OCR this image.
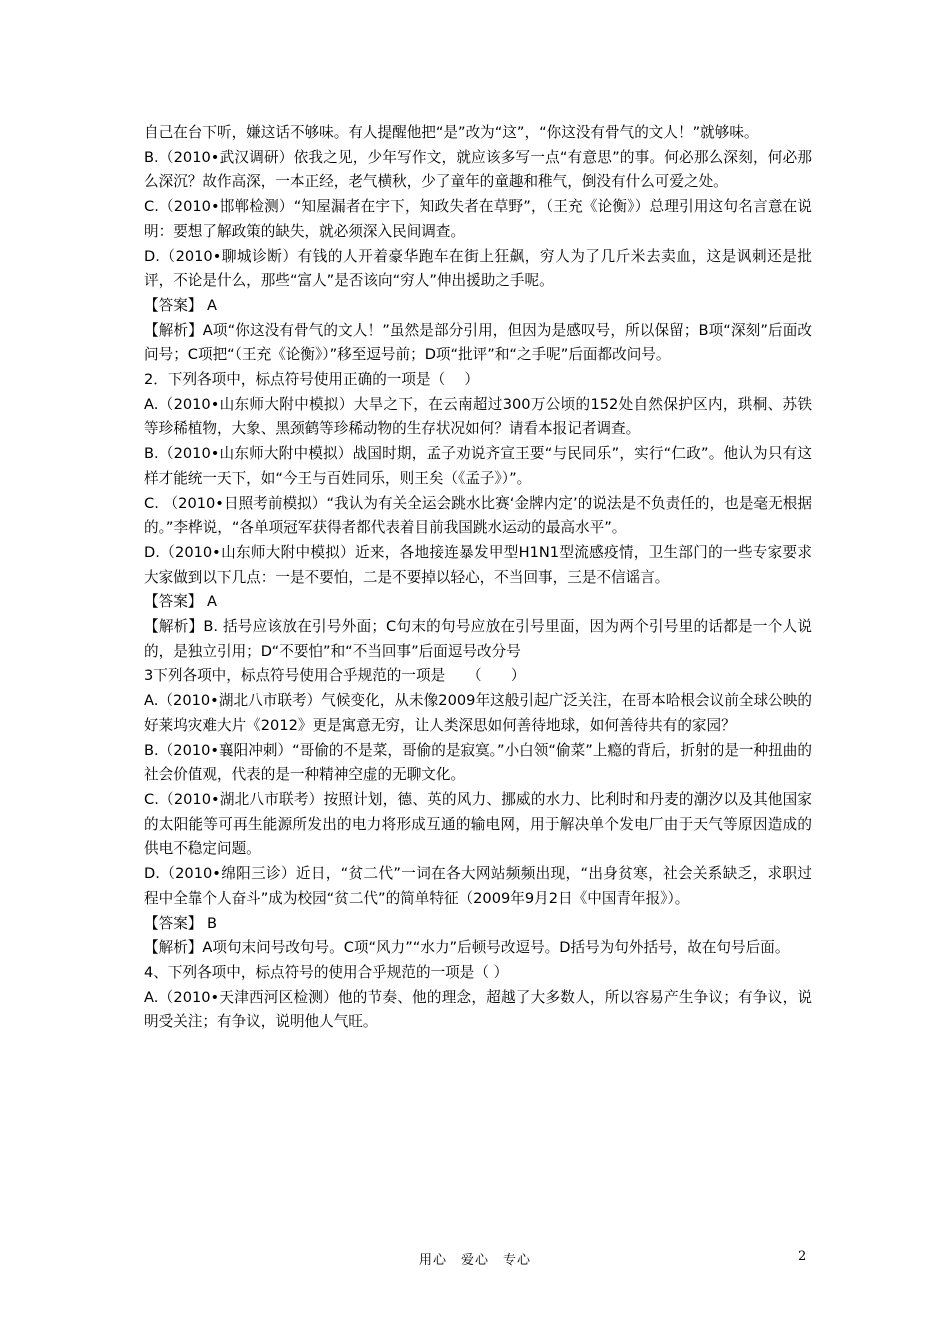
自己在台下听，嫌这话不够味。有人提醒他把“是”改为“这”，“你这没有骨气的文人！”就够味。

B.（2010•武汉调研）依我之见，少年写作文，就应该多写一点“有意思”的事。何必那么深刻，何必那么深沉？故作高深，一本正经，老气横秋，少了童年的童趣和稚气，倒没有什么可爱之处。

C.（2010•邯郸检测）“知屋漏者在宇下，知政失者在草野”，（王充《论衡》）总理引用这句名言意在说明：要想了解政策的缺失，就必须深入民间调查。

D.（2010•聊城诊断）有钱的人开着豪华跑车在街上狂飙，穷人为了几斤米去卖血，这是讽刺还是批评，不论是什么，那些“富人”是否该向“穷人”伸出援助之手呢。

【答案】 A

【解析】A项“你这没有骨气的文人！”虽然是部分引用，但因为是感叹号，所以保留；B项“深刻”后面改问号；C项把“（王充《论衡》）”移至逗号前；D项“批评”和“之手呢”后面都改问号。

2．下列各项中，标点符号使用正确的一项是（　 ）

A.（2010•山东师大附中模拟）大旱之下，在云南超过300万公顷的152处自然保护区内，珙桐、苏铁等珍稀植物，大象、黑颈鹤等珍稀动物的生存状况如何？请看本报记者调查。

B.（2010•山东师大附中模拟）战国时期，孟子劝说齐宣王要“与民同乐”，实行“仁政”。他认为只有这样才能统一天下，如“今王与百姓同乐，则王矣（《孟子》）”。

C. （2010•日照考前模拟）“我认为有关全运会跳水比赛‘金牌内定’的说法是不负责任的，也是毫无根据的。”李桦说，“各单项冠军获得者都代表着目前我国跳水运动的最高水平”。

D.（2010•山东师大附中模拟）近来，各地接连暴发甲型H1N1型流感疫情，卫生部门的一些专家要求大家做到以下几点：一是不要怕，二是不要掉以轻心，不当回事，三是不信谣言。

【答案】 A

【解析】B. 括号应该放在引号外面；C句末的句号应放在引号里面，因为两个引号里的话都是一个人说的，是独立引用；D“不要怕”和“不当回事”后面逗号改分号

3下列各项中，标点符号使用合乎规范的一项是　　（　　）

A.（2010•湖北八市联考）气候变化，从未像2009年这般引起广泛关注，在哥本哈根会议前全球公映的好莱坞灾难大片《2012》更是寓意无穷，让人类深思如何善待地球，如何善待共有的家园？

B.（2010•襄阳冲刺）“哥偷的不是菜，哥偷的是寂寞。”小白领“偷菜”上瘾的背后，折射的是一种扭曲的社会价值观，代表的是一种精神空虚的无聊文化。

C.（2010•湖北八市联考）按照计划，德、英的风力、挪威的水力、比利时和丹麦的潮汐以及其他国家的太阳能等可再生能源所发出的电力将形成互通的输电网，用于解决单个发电厂由于天气等原因造成的供电不稳定问题。

D.（2010•绵阳三诊）近日，“贫二代”一词在各大网站频频出现，“出身贫寒，社会关系缺乏，求职过程中全靠个人奋斗”成为校园“贫二代”的简单特征（2009年9月2日《中国青年报》）。

【答案】 B

【解析】A项句末问号改句号。C项“风力”“水力”后顿号改逗号。D括号为句外括号，故在句号后面。

4、下列各项中，标点符号的使用合乎规范的一项是（ ）

A.（2010•天津西河区检测）他的节奏、他的理念，超越了大多数人，所以容易产生争议；有争议，说明受关注；有争议，说明他人气旺。

用心　爱心　专心	2
